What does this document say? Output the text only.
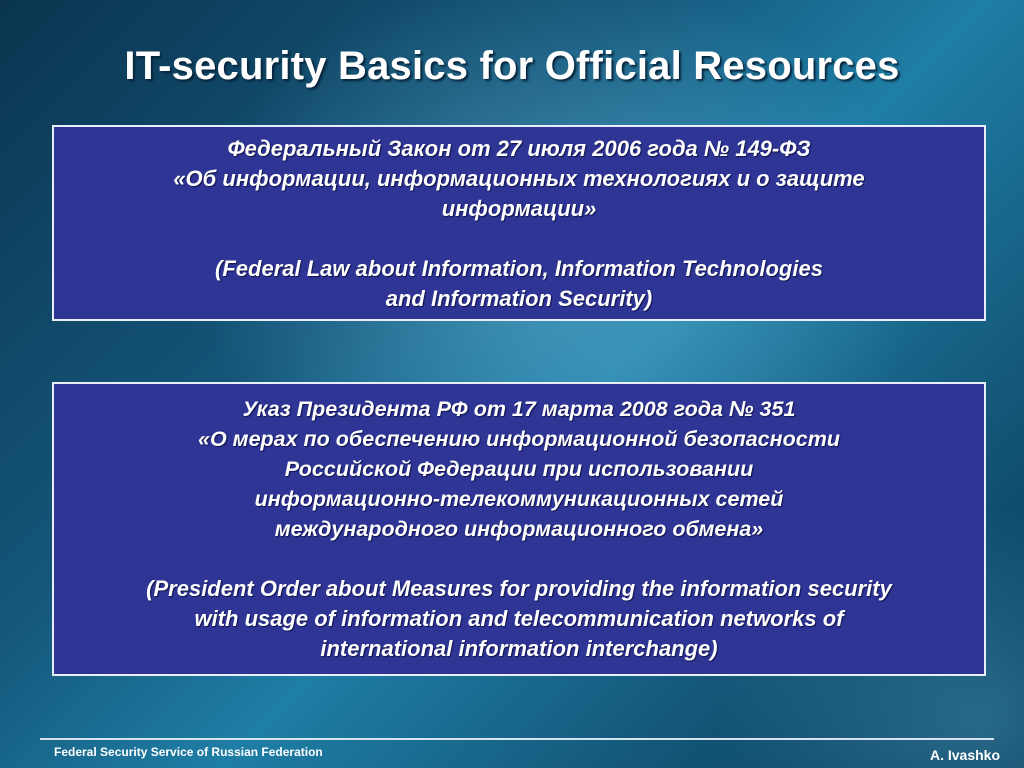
IT-security Basics for Official Resources
Федеральный Закон от 27 июля 2006 года № 149-ФЗ
«Об информации, информационных технологиях и о защите
информации»
(Federal Law about Information, Information Technologies
and Information Security)
Указ Президента РФ от 17 марта 2008 года № 351
«О мерах по обеспечению информационной безопасности
Российской Федерации при использовании
информационно-телекоммуникационных сетей
международного информационного обмена»
(President Order about Measures for providing the information security
with usage of information and telecommunication networks of
international information interchange)
Federal Security Service of Russian Federation	A. Ivashko
